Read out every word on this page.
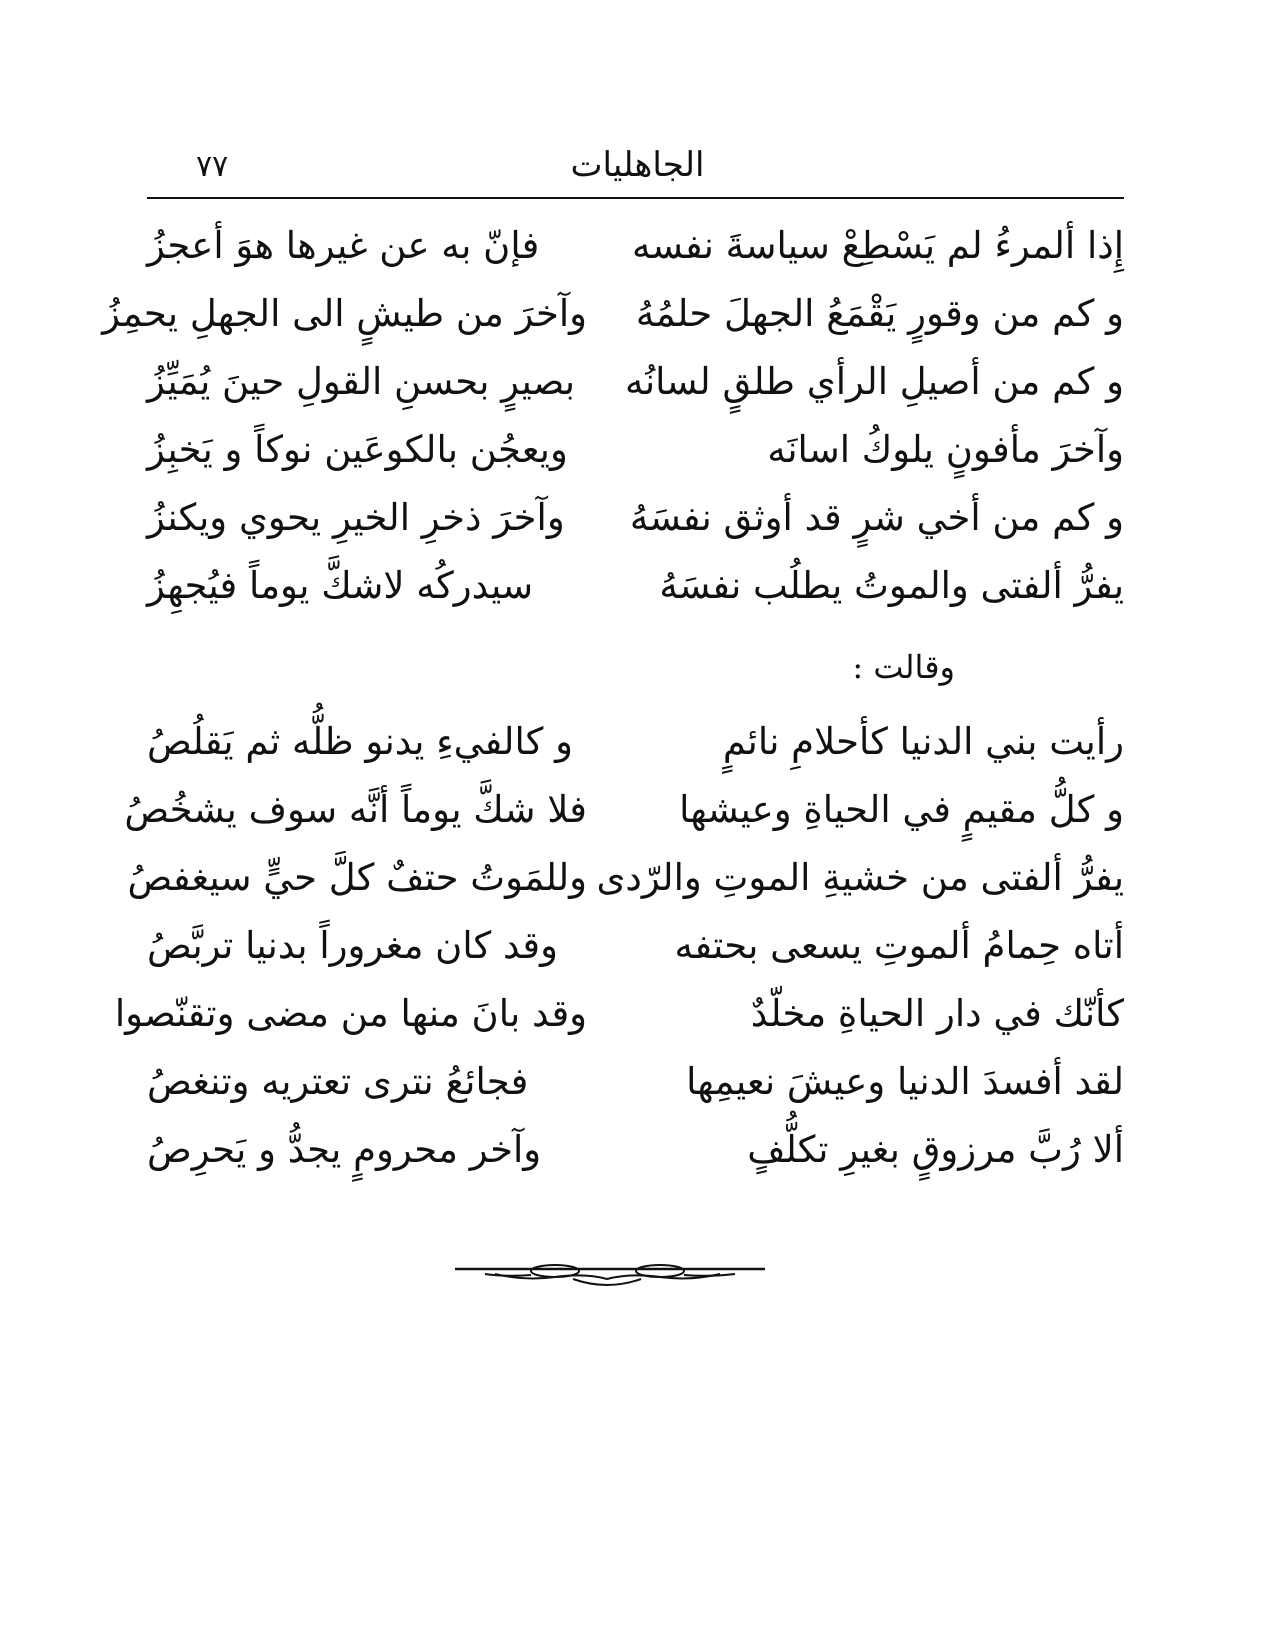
٧٧	الجاهليات
إِذا ألمرءُ لم يَسْطِعْ سياسةَ نفسه
فإنّ به عن غيرها هوَ أعجزُ
و كم من وقورٍ يَقْمَعُ الجهلَ حلمُهُ
وآخرَ من طيشٍ الى الجهلِ يحمِزُ
و كم من أصيلِ الرأي طلقٍ لسانُه
بصيرٍ بحسنِ القولِ حينَ يُمَيِّزُ
وآخرَ مأفونٍ يلوكُ اسانَه
ويعجُن بالكوعَين نوكاً و يَخبِزُ
و كم من أخي شرٍ قد أوثق نفسَهُ
وآخرَ ذخرِ الخيرِ يحوي ويكنزُ
يفرُّ ألفتى والموتُ يطلُب نفسَهُ
سيدركُه لاشكَّ يوماً فيُجهِزُ
وقالت :
رأيت بني الدنيا كأحلامِ نائمٍ
و كالفيءِ يدنو ظلُّه ثم يَقلُصُ
و كلُّ مقيمٍ في الحياةِ وعيشها
فلا شكَّ يوماً أنَّه سوف يشخُصُ
يفرُّ ألفتى من خشيةِ الموتِ والرّدى
وللمَوتُ حتفٌ كلَّ حيٍّ سيغفصُ
أتاه حِمامُ ألموتِ يسعى بحتفه
وقد كان مغروراً بدنيا تربَّصُ
كأنّك في دار الحياةِ مخلّدٌ
وقد بانَ منها من مضى وتقنّصوا
لقد أفسدَ الدنيا وعيشَ نعيمِها
فجائعُ نترى تعتريه وتنغصُ
ألا رُبَّ مرزوقٍ بغيرِ تكلُّفٍ
وآخر محرومٍ يجدُّ و يَحرِصُ
